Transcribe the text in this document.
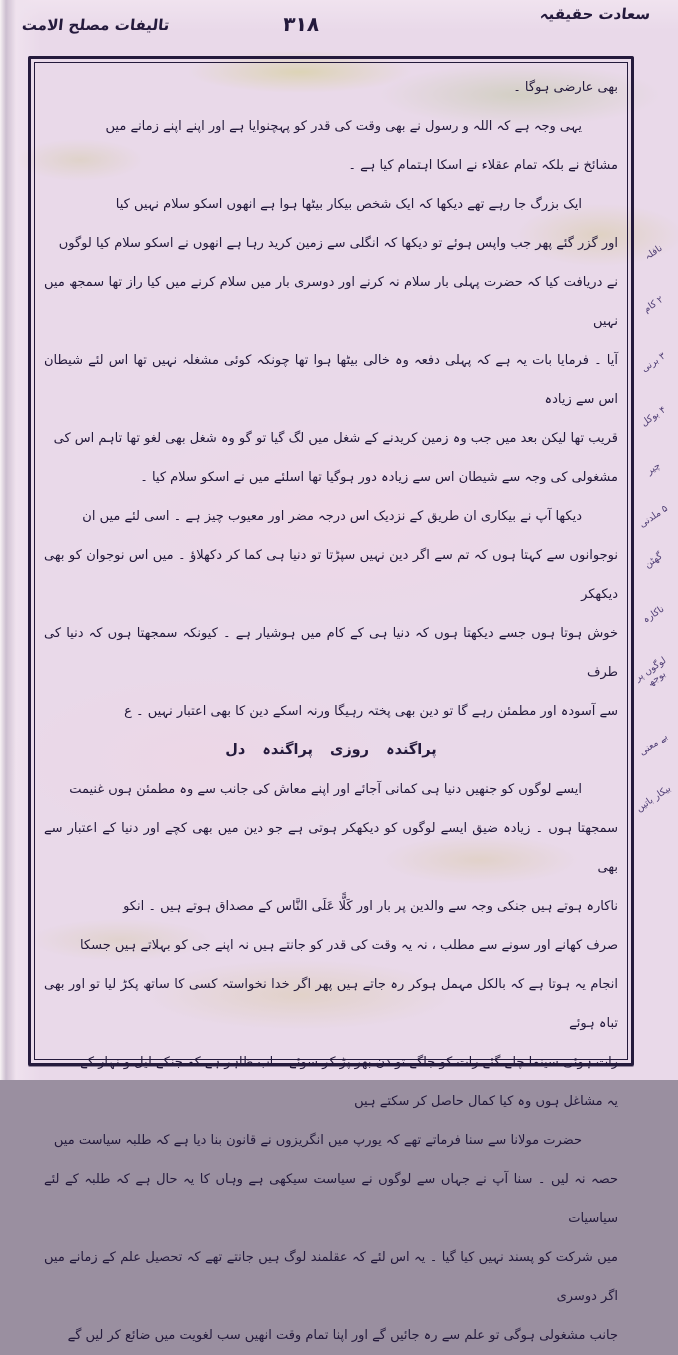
سعادت حقیقیہ
۳۱۸
تالیفات مصلح الامت
بھی عارضی ہوگا ۔
یہی وجہ ہے کہ اللہ و رسول نے بھی وقت کی قدر کو پہچنوایا ہے اور اپنے اپنے زمانے میں
مشائخ نے بلکہ تمام عقلاء نے اسکا اہتمام کیا ہے ۔
ایک بزرگ جا رہے تھے دیکھا کہ ایک شخص بیکار بیٹھا ہوا ہے انھوں اسکو سلام نہیں کیا
اور گزر گئے پھر جب واپس ہوئے تو دیکھا کہ انگلی سے زمین کرید رہا ہے انھوں نے اسکو سلام کیا لوگوں
نے دریافت کیا کہ حضرت پہلی بار سلام نہ کرنے اور دوسری بار میں سلام کرنے میں کیا راز تھا سمجھ میں نہیں
آیا ۔ فرمایا بات یہ ہے کہ پہلی دفعہ وہ خالی بیٹھا ہوا تھا چونکہ کوئی مشغلہ نہیں تھا اس لئے شیطان اس سے زیادہ
قریب تھا لیکن بعد میں جب وہ زمین کریدنے کے شغل میں لگ گیا تو گو وہ شغل بھی لغو تھا تاہم اس کی
مشغولی کی وجہ سے شیطان اس سے زیادہ دور ہوگیا تھا اسلئے میں نے اسکو سلام کیا ۔
دیکھا آپ نے بیکاری ان طریق کے نزدیک اس درجہ مضر اور معیوب چیز ہے ۔ اسی لئے میں ان
نوجوانوں سے کہتا ہوں کہ تم سے اگر دین نہیں سپڑتا تو دنیا ہی کما کر دکھلاؤ ۔ میں اس نوجوان کو بھی دیکھکر
خوش ہوتا ہوں جسے دیکھتا ہوں کہ دنیا ہی کے کام میں ہوشیار ہے ۔ کیونکہ سمجھتا ہوں کہ دنیا کی طرف
سے آسودہ اور مطمئن رہے گا تو دین بھی پختہ رہیگا ورنہ اسکے دین کا بھی اعتبار نہیں ۔ ع
پراگندہ روزی پراگندہ دل
ایسے لوگوں کو جنھیں دنیا ہی کمانی آجائے اور اپنے معاش کی جانب سے وہ مطمئن ہوں غنیمت
سمجھتا ہوں ۔ زیادہ ضیق ایسے لوگوں کو دیکھکر ہوتی ہے جو دین میں بھی کچے اور دنیا کے اعتبار سے بھی
ناکارہ ہوتے ہیں جنکی وجہ سے والدین پر بار اور کَلًّا عَلَی النَّاس کے مصداق ہوتے ہیں ۔ انکو
صرف کھانے اور سونے سے مطلب ، نہ یہ وقت کی قدر کو جانتے ہیں نہ اپنے جی کو بہلاتے ہیں جسکا
انجام یہ ہوتا ہے کہ بالکل مہمل ہوکر رہ جاتے ہیں پھر اگر خدا نخواستہ کسی کا ساتھ پکڑ لیا تو اور بھی تباہ ہوئے
رات ہوئی سینما چلے گئے رات کو جاگے تو دن بھر پڑ کر سوئے ۔ اب ظاہر ہے کہ جنکے لیل و نہار کے
یہ مشاغل ہوں وہ کیا کمال حاصل کر سکتے ہیں
حضرت مولانا سے سنا فرماتے تھے کہ یورپ میں انگریزوں نے قانون بنا دیا ہے کہ طلبہ سیاست میں
حصہ نہ لیں ۔ سنا آپ نے جہاں سے لوگوں نے سیاست سیکھی ہے وہاں کا یہ حال ہے کہ طلبہ کے لئے سیاسیات
میں شرکت کو پسند نہیں کیا گیا ۔ یہ اس لئے کہ عقلمند لوگ ہیں جانتے تھے کہ تحصیل علم کے زمانے میں اگر دوسری
جانب مشغولی ہوگی تو علم سے رہ جائیں گے اور اپنا تمام وقت انھیں سب لغویت میں ضائع کر لیں گے
نافلہ
۲ کام
۳ برنی
۴ بوکل
چیر
۵ ملدنی
گھٹن
ناکارہ
لوگوں پر بوجھ
بے معنی
بیکار باتیں
